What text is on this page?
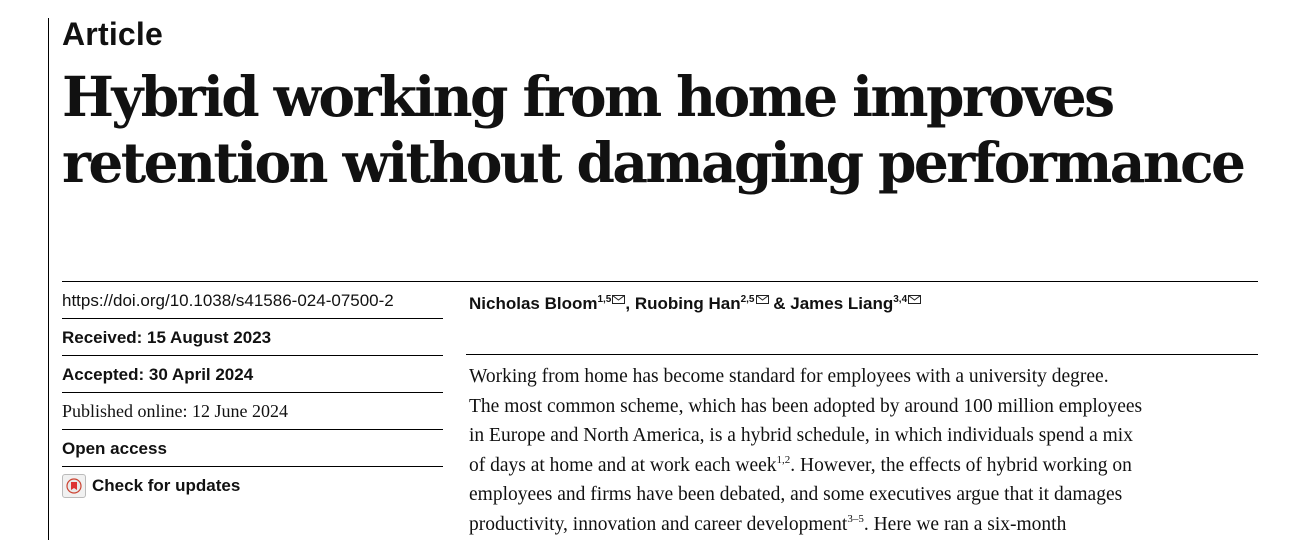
Article
Hybrid working from home improves
retention without damaging performance
https://doi.org/10.1038/s41586-024-07500-2
Received: 15 August 2023
Accepted: 30 April 2024
Published online: 12 June 2024
Open access
Check for updates
Nicholas Bloom$^{1,5}$ , Ruobing Han$^{2,5}$ & James Liang$^{3,4}$

Working from home has become standard for employees with a university degree.
The most common scheme, which has been adopted by around 100 million employees
in Europe and North America, is a hybrid schedule, in which individuals spend a mix
of days at home and at work each week$^{1,2}$. However, the effects of hybrid working on
employees and firms have been debated, and some executives argue that it damages
productivity, innovation and career development$^{3-5}$. Here we ran a six-month
